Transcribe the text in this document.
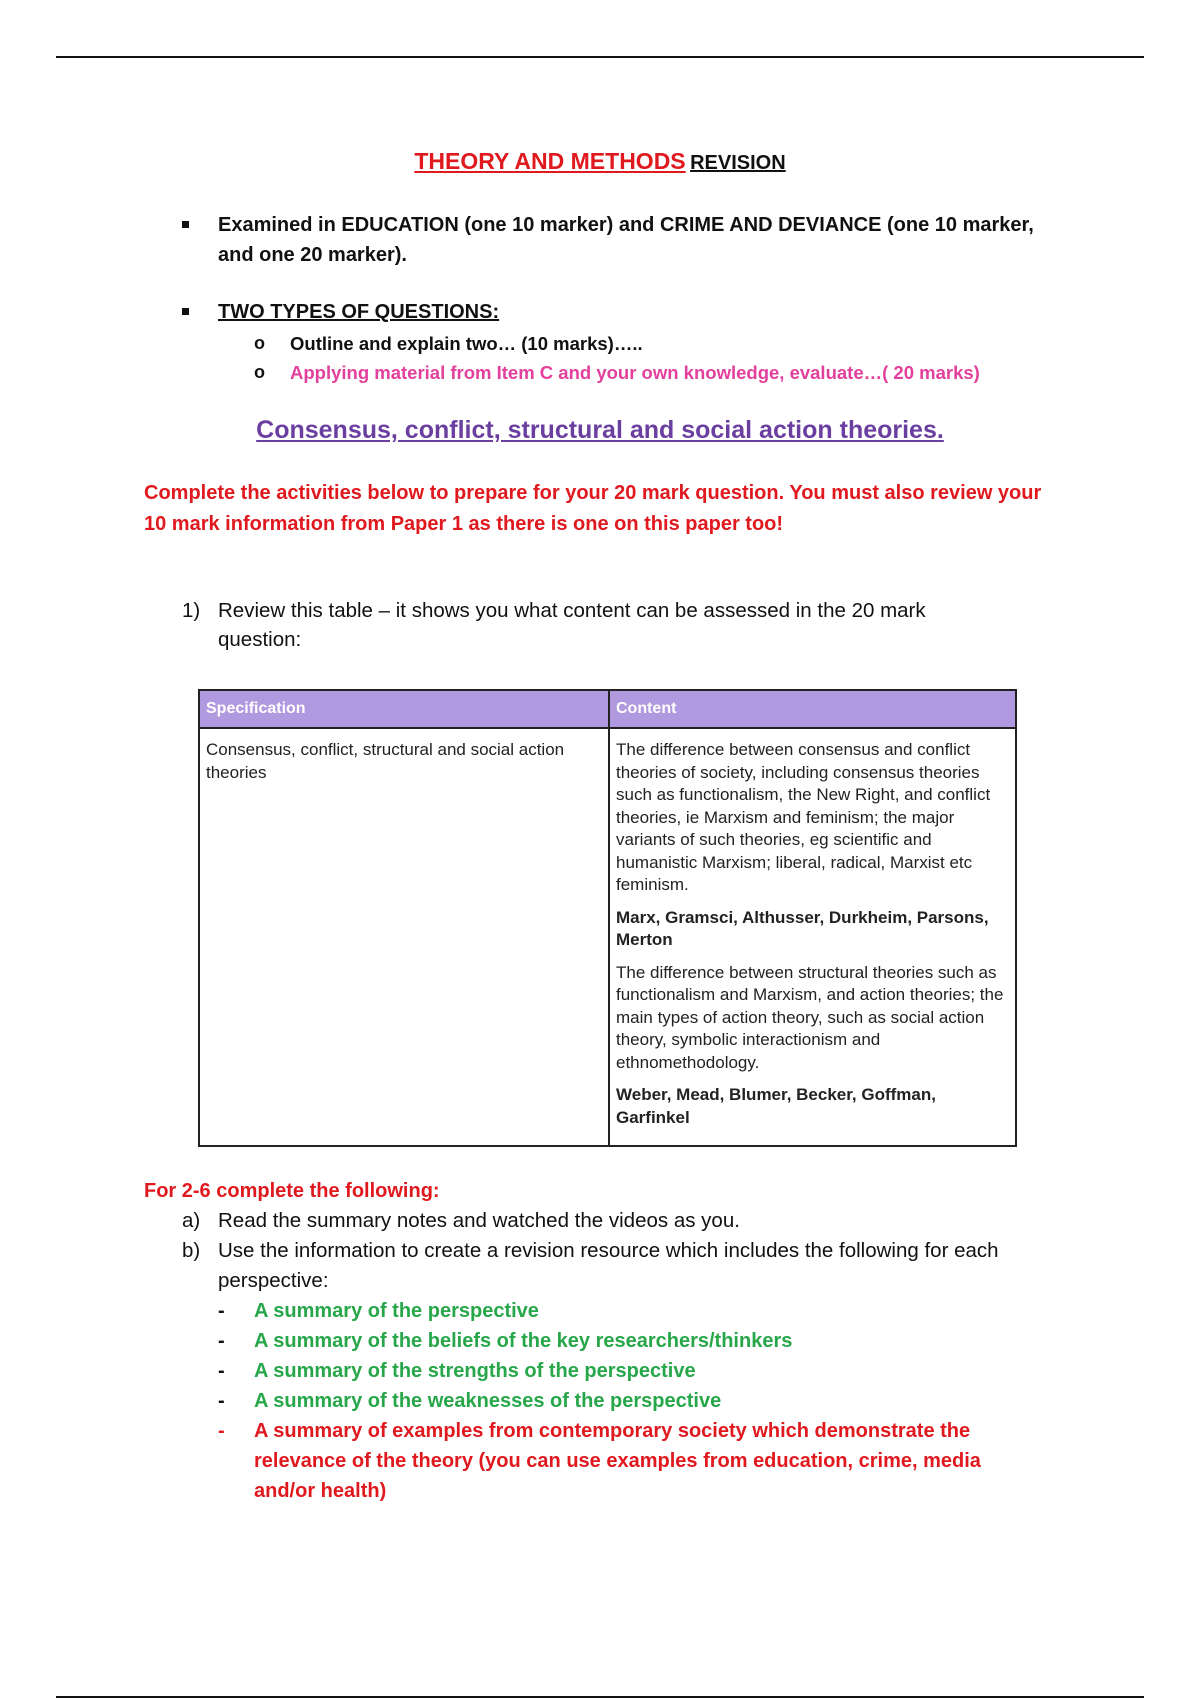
THEORY AND METHODS REVISION
Examined in EDUCATION (one 10 marker) and CRIME AND DEVIANCE (one 10 marker, and one 20 marker).
TWO TYPES OF QUESTIONS:
o Outline and explain two… (10 marks)…..
o Applying material from Item C and your own knowledge, evaluate…( 20 marks)
Consensus, conflict, structural and social action theories.
Complete the activities below to prepare for your 20 mark question. You must also review your 10 mark information from Paper 1 as there is one on this paper too!
1) Review this table – it shows you what content can be assessed in the 20 mark question:
Specification	Content
Consensus, conflict, structural and social action theories	The difference between consensus and conflict theories of society, including consensus theories such as functionalism, the New Right, and conflict theories, ie Marxism and feminism; the major variants of such theories, eg scientific and humanistic Marxism; liberal, radical, Marxist etc feminism.
Marx, Gramsci, Althusser, Durkheim, Parsons, Merton
The difference between structural theories such as functionalism and Marxism, and action theories; the main types of action theory, such as social action theory, symbolic interactionism and ethnomethodology.
Weber, Mead, Blumer, Becker, Goffman, Garfinkel
For 2-6 complete the following:
a) Read the summary notes and watched the videos as you.
b) Use the information to create a revision resource which includes the following for each perspective:
- A summary of the perspective
- A summary of the beliefs of the key researchers/thinkers
- A summary of the strengths of the perspective
- A summary of the weaknesses of the perspective
- A summary of examples from contemporary society which demonstrate the relevance of the theory (you can use examples from education, crime, media and/or health)
